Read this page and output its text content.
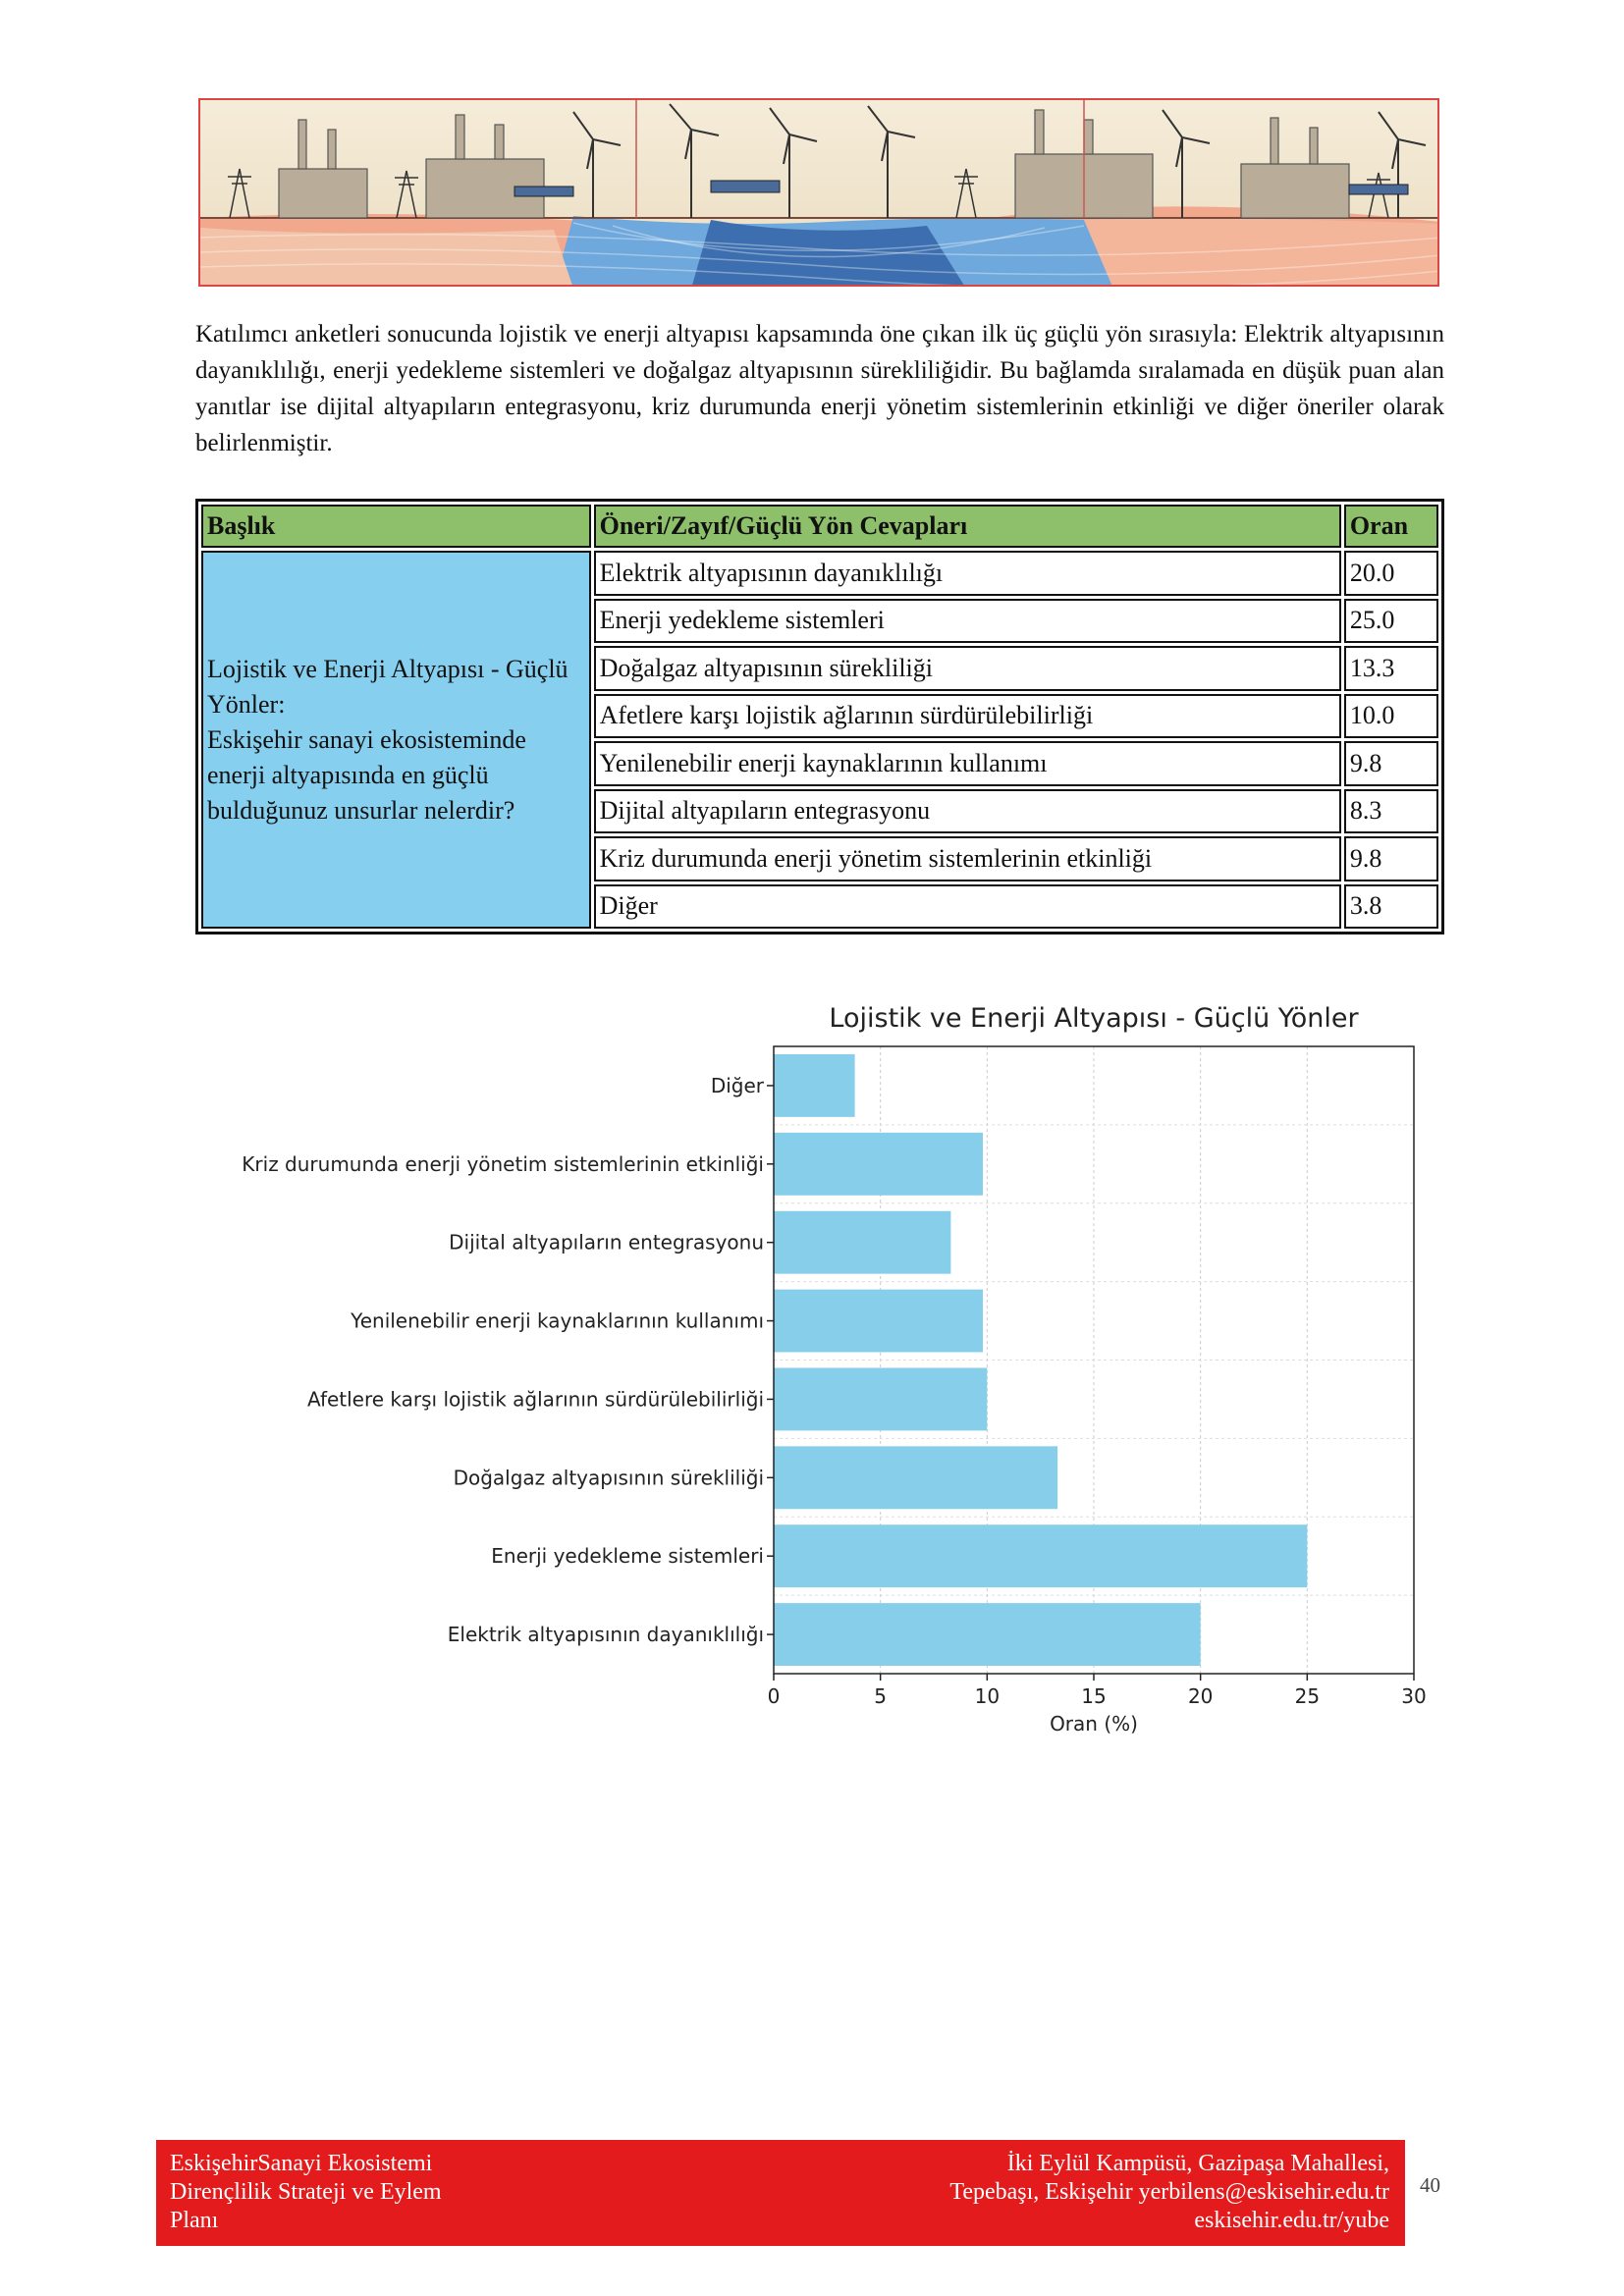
Katılımcı anketleri sonucunda lojistik ve enerji altyapısı kapsamında öne çıkan ilk üç güçlü yön sırasıyla: Elektrik altyapısının dayanıklılığı, enerji yedekleme sistemleri ve doğalgaz altyapısının sürekliliğidir. Bu bağlamda sıralamada en düşük puan alan yanıtlar ise dijital altyapıların entegrasyonu, kriz durumunda enerji yönetim sistemlerinin etkinliği ve diğer öneriler olarak belirlenmiştir.

Başlık	Öneri/Zayıf/Güçlü Yön Cevapları	Oran
Lojistik ve Enerji Altyapısı - Güçlü Yönler:
Eskişehir sanayi ekosisteminde enerji altyapısında en güçlü bulduğunuz unsurlar nelerdir?	Elektrik altyapısının dayanıklılığı	20.0
	Enerji yedekleme sistemleri	25.0
	Doğalgaz altyapısının sürekliliği	13.3
	Afetlere karşı lojistik ağlarının sürdürülebilirliği	10.0
	Yenilenebilir enerji kaynaklarının kullanımı	9.8
	Dijital altyapıların entegrasyonu	8.3
	Kriz durumunda enerji yönetim sistemlerinin etkinliği	9.8
	Diğer	3.8
Lojistik ve Enerji Altyapısı - Güçlü Yönler
0	5	10	15	20	25	30
Elektrik altyapısının dayanıklılığı
Enerji yedekleme sistemleri
Doğalgaz altyapısının sürekliliği
Afetlere karşı lojistik ağlarının sürdürülebilirliği
Yenilenebilir enerji kaynaklarının kullanımı
Dijital altyapıların entegrasyonu
Kriz durumunda enerji yönetim sistemlerinin etkinliği
Diğer
Oran (%)
EskişehirSanayi Ekosistemi
Dirençlilik Strateji ve Eylem
Planı
İki Eylül Kampüsü, Gazipaşa Mahallesi,
Tepebaşı, Eskişehir yerbilens@eskisehir.edu.tr
eskisehir.edu.tr/yube
40
